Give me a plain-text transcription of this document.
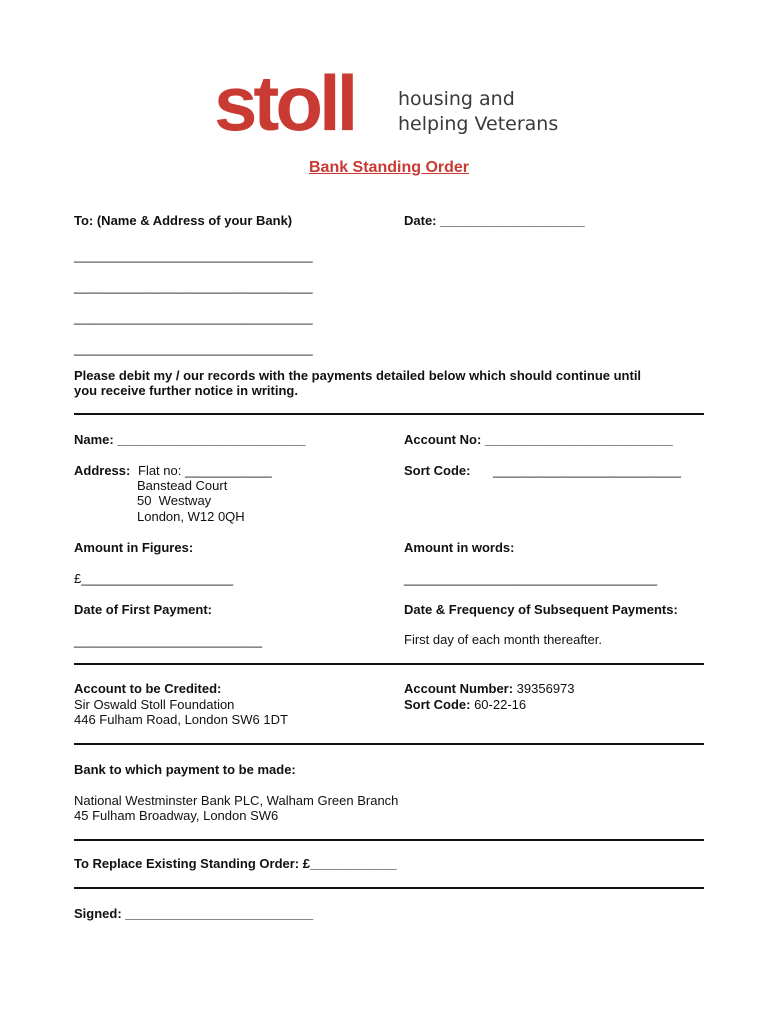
stoll housing and
helping Veterans
Bank Standing Order
To: (Name & Address of your Bank)	Date: ____________________
_________________________________
_________________________________
_________________________________
_________________________________
Please debit my / our records with the payments detailed below which should continue until
you receive further notice in writing.
Name: __________________________	Account No: __________________________
Address: Flat no: ____________
Banstead Court
50  Westway
London, W12 0QH
Sort Code: __________________________
Amount in Figures:	Amount in words:
£_____________________	___________________________________
Date of First Payment:	Date & Frequency of Subsequent Payments:
__________________________	First day of each month thereafter.
Account to be Credited:
Sir Oswald Stoll Foundation
446 Fulham Road, London SW6 1DT
Account Number: 39356973
Sort Code: 60-22-16
Bank to which payment to be made:
National Westminster Bank PLC, Walham Green Branch
45 Fulham Broadway, London SW6
To Replace Existing Standing Order: £____________
Signed: __________________________
